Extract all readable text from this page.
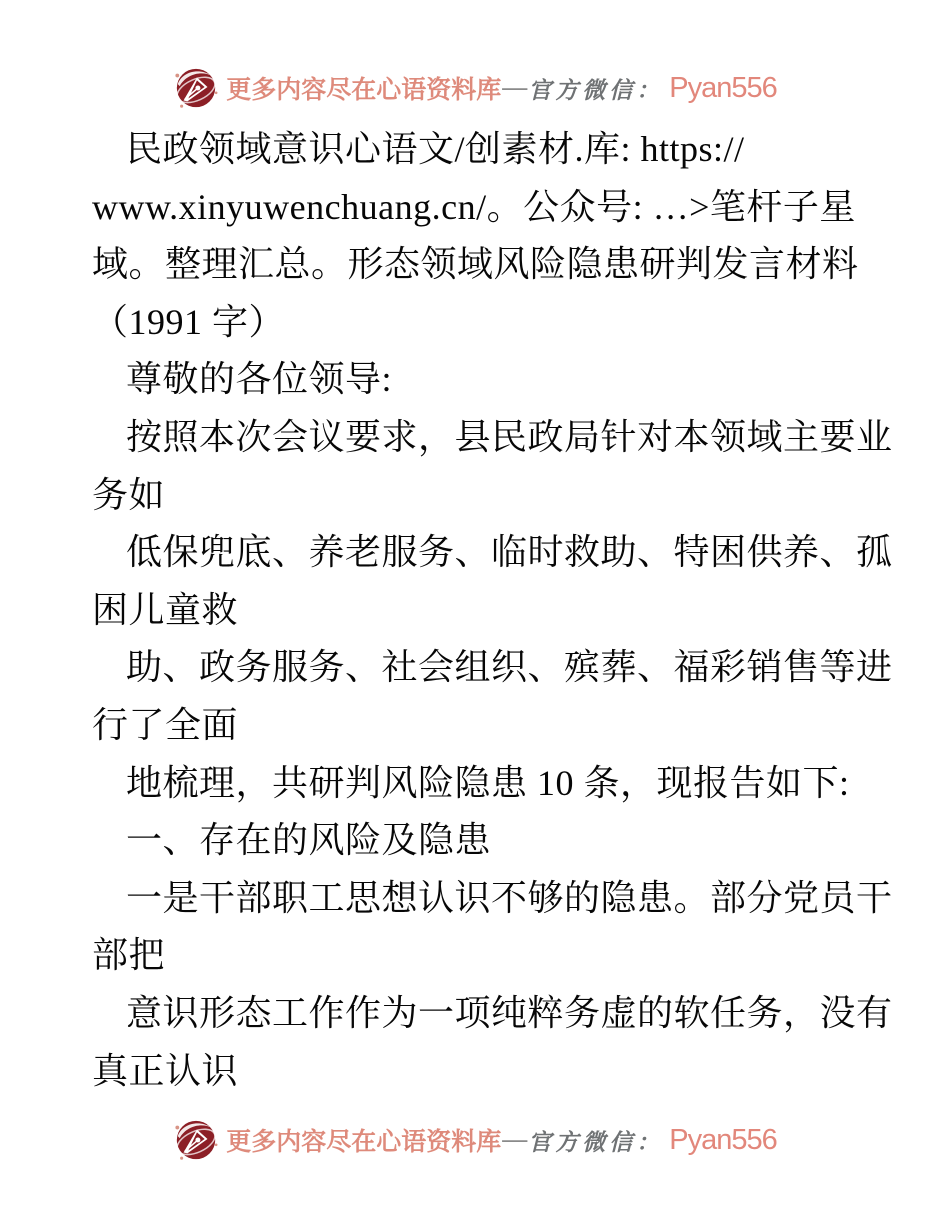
更多内容尽在心语资料库 — 官方微信： Pyan556
民政领域意识心语文/创素材.库: https://
www.xinyuwenchuang.cn/。公众号: …>笔杆子星
域。整理汇总。形态领域风险隐患研判发言材料
（1991 字）
尊敬的各位领导:
按照本次会议要求，县民政局针对本领域主要业
务如
低保兜底、养老服务、临时救助、特困供养、孤
困儿童救
助、政务服务、社会组织、殡葬、福彩销售等进
行了全面
地梳理，共研判风险隐患 10 条，现报告如下:
一、存在的风险及隐患
一是干部职工思想认识不够的隐患。部分党员干
部把
意识形态工作作为一项纯粹务虚的软任务，没有
真正认识
更多内容尽在心语资料库 — 官方微信： Pyan556
